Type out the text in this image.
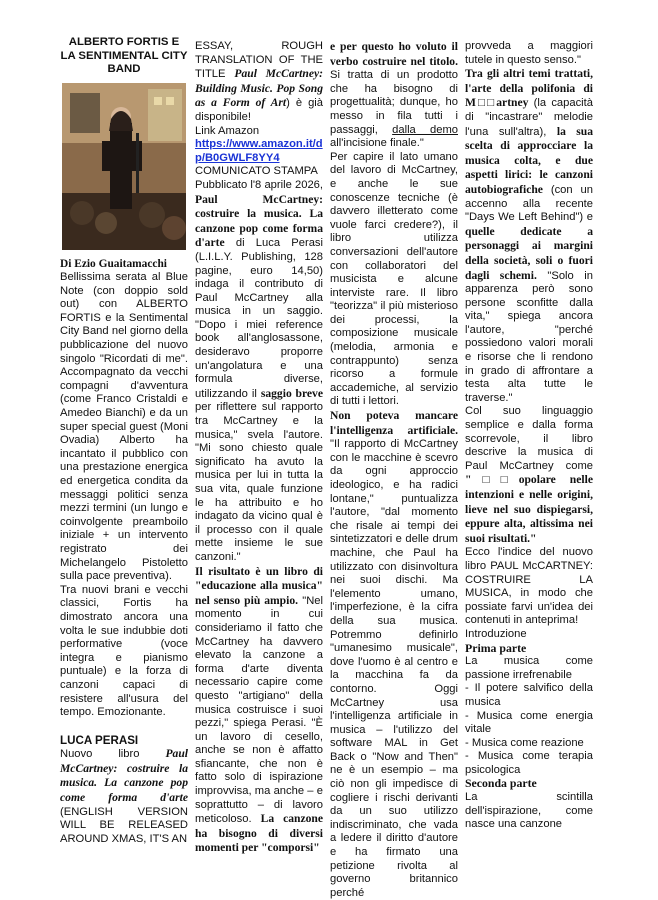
ALBERTO FORTIS E LA SENTIMENTAL CITY BAND

Di Ezio Guaitamacchi

Bellissima serata al Blue Note (con doppio sold out) con ALBERTO FORTIS e la Sentimental City Band nel giorno della pubblicazione del nuovo singolo "Ricordati di me". Accompagnato da vecchi compagni d'avventura (come Franco Cristaldi e Amedeo Bianchi) e da un super special guest (Moni Ovadia) Alberto ha incantato il pubblico con una prestazione energica ed energetica condita da messaggi politici senza mezzi termini (un lungo e coinvolgente preamboilo iniziale + un intervento registrato dei Michelangelo Pistoletto sulla pace preventiva).

Tra nuovi brani e vecchi classici, Fortis ha dimostrato ancora una volta le sue indubbie doti performative (voce integra e pianismo puntuale) e la forza di canzoni capaci di resistere all'usura del tempo. Emozionante.

LUCA PERASI

Nuovo libro Paul McCartney: costruire la musica. La canzone pop come forma d'arte (ENGLISH VERSION WILL BE RELEASED AROUND XMAS, IT'S AN

ESSAY, ROUGH TRANSLATION OF THE TITLE Paul McCartney: Building Music. Pop Song as a Form of Art) è già disponibile!

Link Amazon

https://www.amazon.it/dp/B0GWLF8YY4

COMUNICATO STAMPA

Pubblicato l'8 aprile 2026, Paul McCartney: costruire la musica. La canzone pop come forma d'arte di Luca Perasi (L.I.L.Y. Publishing, 128 pagine, euro 14,50) indaga il contributo di Paul McCartney alla musica in un saggio. "Dopo i miei reference book all'anglosassone, desideravo proporre un'angolatura e una formula diverse, utilizzando il saggio breve per riflettere sul rapporto tra McCartney e la musica," svela l'autore. "Mi sono chiesto quale significato ha avuto la musica per lui in tutta la sua vita, quale funzione le ha attribuito e ho indagato da vicino qual è il processo con il quale mette insieme le sue canzoni."

Il risultato è un libro di "educazione alla musica" nel senso più ampio. "Nel momento in cui consideriamo il fatto che McCartney ha davvero elevato la canzone a forma d'arte diventa necessario capire come questo "artigiano" della musica costruisce i suoi pezzi," spiega Perasi. "È un lavoro di cesello, anche se non è affatto sfiancante, che non è fatto solo di ispirazione improvvisa, ma anche – e soprattutto – di lavoro meticoloso. La canzone ha bisogno di diversi momenti per "comporsi"

e per questo ho voluto il verbo costruire nel titolo. Si tratta di un prodotto che ha bisogno di progettualità; dunque, ho messo in fila tutti i passaggi, dalla demo all'incisione finale."

Per capire il lato umano del lavoro di McCartney, e anche le sue conoscenze tecniche (è davvero illetterato come vuole farci credere?), il libro utilizza conversazioni dell'autore con collaboratori del musicista e alcune interviste rare. Il libro "teorizza" il più misterioso dei processi, la composizione musicale (melodia, armonia e contrappunto) senza ricorso a formule accademiche, al servizio di tutti i lettori.

Non poteva mancare l'intelligenza artificiale. "Il rapporto di McCartney con le macchine è scevro da ogni approccio ideologico, e ha radici lontane," puntualizza l'autore, "dal momento che risale ai tempi dei sintetizzatori e delle drum machine, che Paul ha utilizzato con disinvoltura nei suoi dischi. Ma l'elemento umano, l'imperfezione, è la cifra della sua musica. Potremmo definirlo "umanesimo musicale", dove l'uomo è al centro e la macchina fa da contorno. Oggi McCartney usa l'intelligenza artificiale in musica – l'utilizzo del software MAL in Get Back o "Now and Then" ne è un esempio – ma ciò non gli impedisce di cogliere i rischi derivanti da un suo utilizzo indiscriminato, che vada a ledere il diritto d'autore e ha firmato una petizione rivolta al governo britannico perché

provveda a maggiori tutele in questo senso."

Tra gli altri temi trattati, l'arte della polifonia di M□□artney (la capacità di "incastrare" melodie l'una sull'altra), la sua scelta di approcciare la musica colta, e due aspetti lirici: le canzoni autobiografiche (con un accenno alla recente "Days We Left Behind") e quelle dedicate a personaggi ai margini della società, soli o fuori dagli schemi. "Solo in apparenza però sono persone sconfitte dalla vita," spiega ancora l'autore, "perché possiedono valori morali e risorse che li rendono in grado di affrontare a testa alta tutte le traverse."

Col suo linguaggio semplice e dalla forma scorrevole, il libro descrive la musica di Paul McCartney come "□□opolare nelle intenzioni e nelle origini, lieve nel suo dispiegarsi, eppure alta, altissima nei suoi risultati."

Ecco l'indice del nuovo libro PAUL McCARTNEY: COSTRUIRE LA MUSICA, in modo che possiate farvi un'idea dei contenuti in anteprima!

Introduzione

Prima parte

La musica come passione irrefrenabile

- Il potere salvifico della musica

- Musica come energia vitale

- Musica come reazione

- Musica come terapia psicologica

Seconda parte

La scintilla dell'ispirazione, come nasce una canzone
